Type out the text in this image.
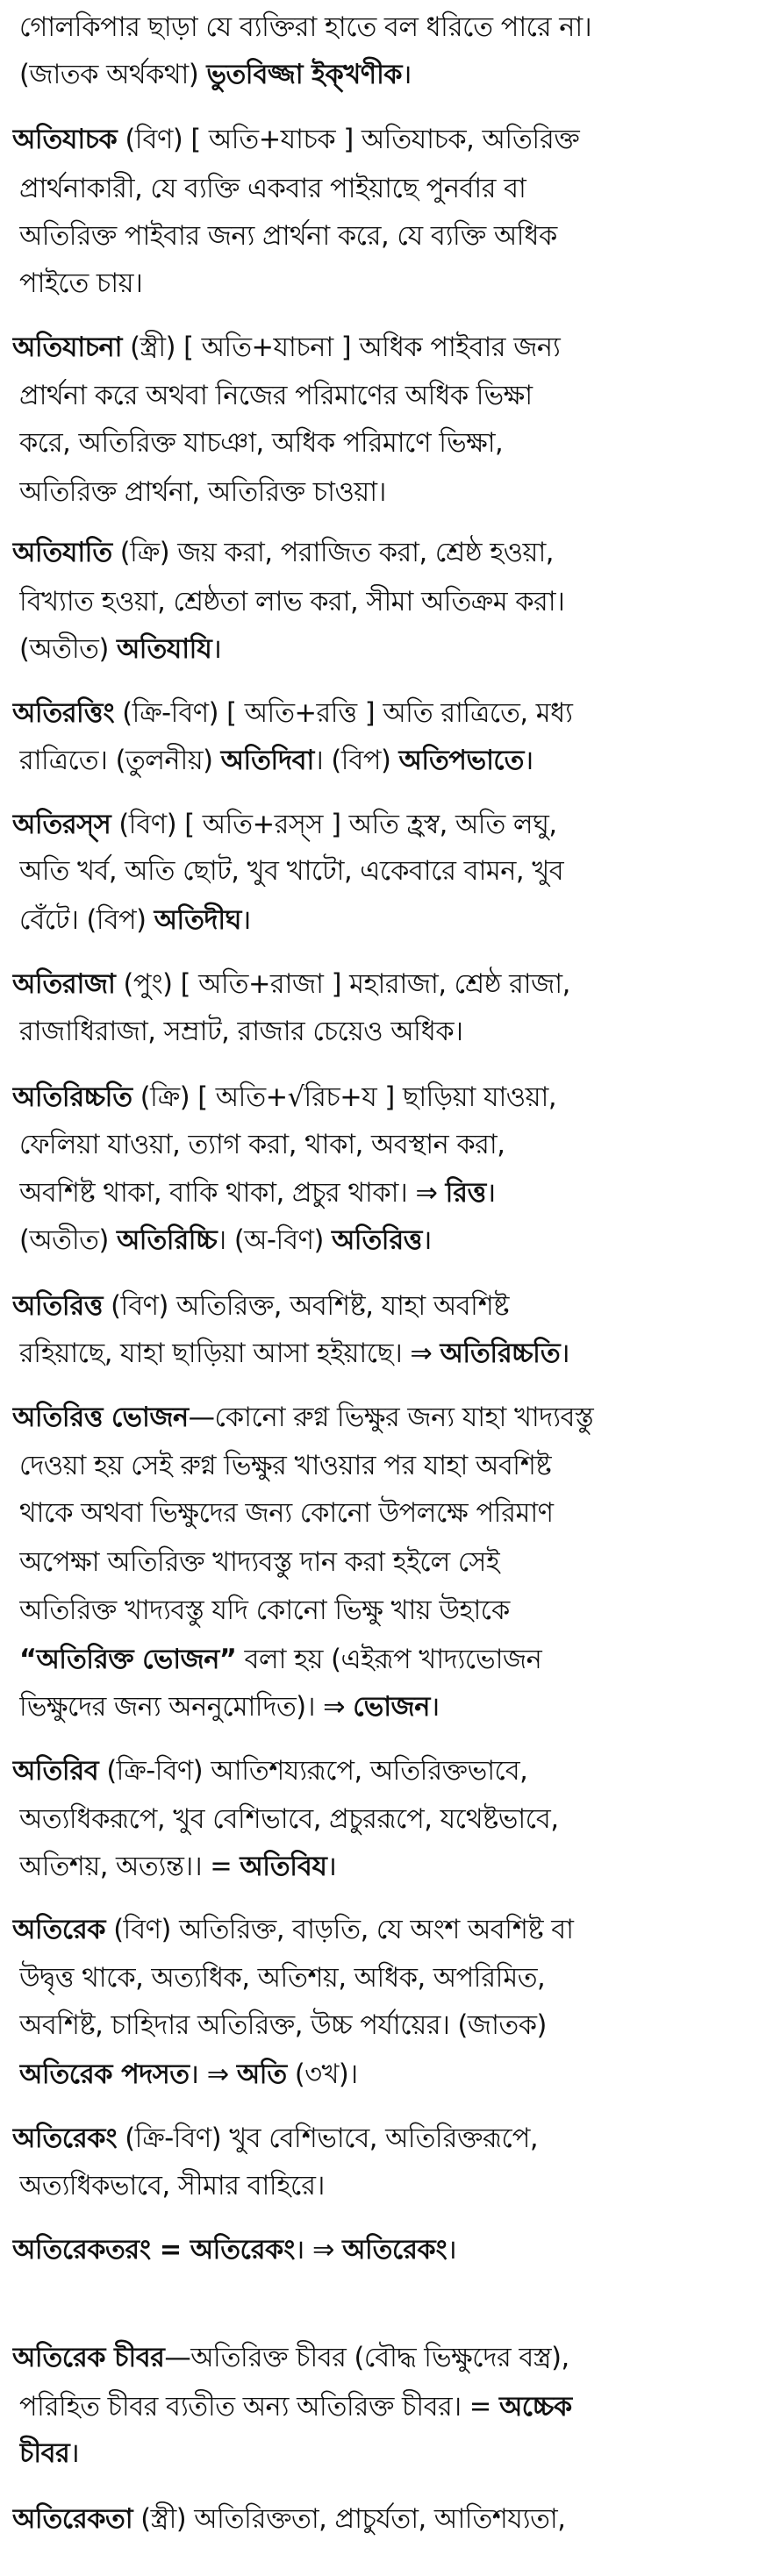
গোলকিপার ছাড়া যে ব্যক্তিরা হাতে বল ধরিতে পারে না।
(জাতক অর্থকথা) ভুতবিজ্জা ইক্খণীক।
অতিযাচক (বিণ) [ অতি+যাচক ] অতিযাচক, অতিরিক্ত
প্রার্থনাকারী, যে ব্যক্তি একবার পাইয়াছে পুনর্বার বা
অতিরিক্ত পাইবার জন্য প্রার্থনা করে, যে ব্যক্তি অধিক
পাইতে চায়।
অতিযাচনা (স্ত্রী) [ অতি+যাচনা ] অধিক পাইবার জন্য
প্রার্থনা করে অথবা নিজের পরিমাণের অধিক ভিক্ষা
করে, অতিরিক্ত যাচঞা, অধিক পরিমাণে ভিক্ষা,
অতিরিক্ত প্রার্থনা, অতিরিক্ত চাওয়া।
অতিযাতি (ক্রি) জয় করা, পরাজিত করা, শ্রেষ্ঠ হওয়া,
বিখ্যাত হওয়া, শ্রেষ্ঠতা লাভ করা, সীমা অতিক্রম করা।
(অতীত) অতিযাযি।
অতিরত্তিং (ক্রি-বিণ) [ অতি+রত্তি ] অতি রাত্রিতে, মধ্য
রাত্রিতে। (তুলনীয়) অতিদিবা। (বিপ) অতিপভাতে।
অতিরস্স (বিণ) [ অতি+রস্স ] অতি হ্রস্ব, অতি লঘু,
অতি খর্ব, অতি ছোট, খুব খাটো, একেবারে বামন, খুব
বেঁটে। (বিপ) অতিদীঘ।
অতিরাজা (পুং) [ অতি+রাজা ] মহারাজা, শ্রেষ্ঠ রাজা,
রাজাধিরাজা, সম্রাট, রাজার চেয়েও অধিক।
অতিরিচ্চতি (ক্রি) [ অতি+√রিচ+য ] ছাড়িয়া যাওয়া,
ফেলিয়া যাওয়া, ত্যাগ করা, থাকা, অবস্থান করা,
অবশিষ্ট থাকা, বাকি থাকা, প্রচুর থাকা। ⇒ রিত্ত।
(অতীত) অতিরিচ্চি। (অ-বিণ) অতিরিত্ত।
অতিরিত্ত (বিণ) অতিরিক্ত, অবশিষ্ট, যাহা অবশিষ্ট
রহিয়াছে, যাহা ছাড়িয়া আসা হইয়াছে। ⇒ অতিরিচ্চতি।
অতিরিত্ত ভোজন—কোনো রুগ্ন ভিক্ষুর জন্য যাহা খাদ্যবস্তু
দেওয়া হয় সেই রুগ্ন ভিক্ষুর খাওয়ার পর যাহা অবশিষ্ট
থাকে অথবা ভিক্ষুদের জন্য কোনো উপলক্ষে পরিমাণ
অপেক্ষা অতিরিক্ত খাদ্যবস্তু দান করা হইলে সেই
অতিরিক্ত খাদ্যবস্তু যদি কোনো ভিক্ষু খায় উহাকে
“অতিরিক্ত ভোজন” বলা হয় (এইরূপ খাদ্যভোজন
ভিক্ষুদের জন্য অননুমোদিত)। ⇒ ভোজন।
অতিরিব (ক্রি-বিণ) আতিশয্যরূপে, অতিরিক্তভাবে,
অত্যধিকরূপে, খুব বেশিভাবে, প্রচুররূপে, যথেষ্টভাবে,
অতিশয়, অত্যন্ত।। = অতিবিয।
অতিরেক (বিণ) অতিরিক্ত, বাড়তি, যে অংশ অবশিষ্ট বা
উদ্বৃত্ত থাকে, অত্যধিক, অতিশয়, অধিক, অপরিমিত,
অবশিষ্ট, চাহিদার অতিরিক্ত, উচ্চ পর্যায়ের। (জাতক)
অতিরেক পদসত। ⇒ অতি (৩খ)।
অতিরেকং (ক্রি-বিণ) খুব বেশিভাবে, অতিরিক্তরূপে,
অত্যধিকভাবে, সীমার বাহিরে।
অতিরেকতরং = অতিরেকং। ⇒ অতিরেকং।
অতিরেক চীবর—অতিরিক্ত চীবর (বৌদ্ধ ভিক্ষুদের বস্ত্র),
পরিহিত চীবর ব্যতীত অন্য অতিরিক্ত চীবর। = অচ্চেক
চীবর।
অতিরেকতা (স্ত্রী) অতিরিক্ততা, প্রাচুর্যতা, আতিশয্যতা,
